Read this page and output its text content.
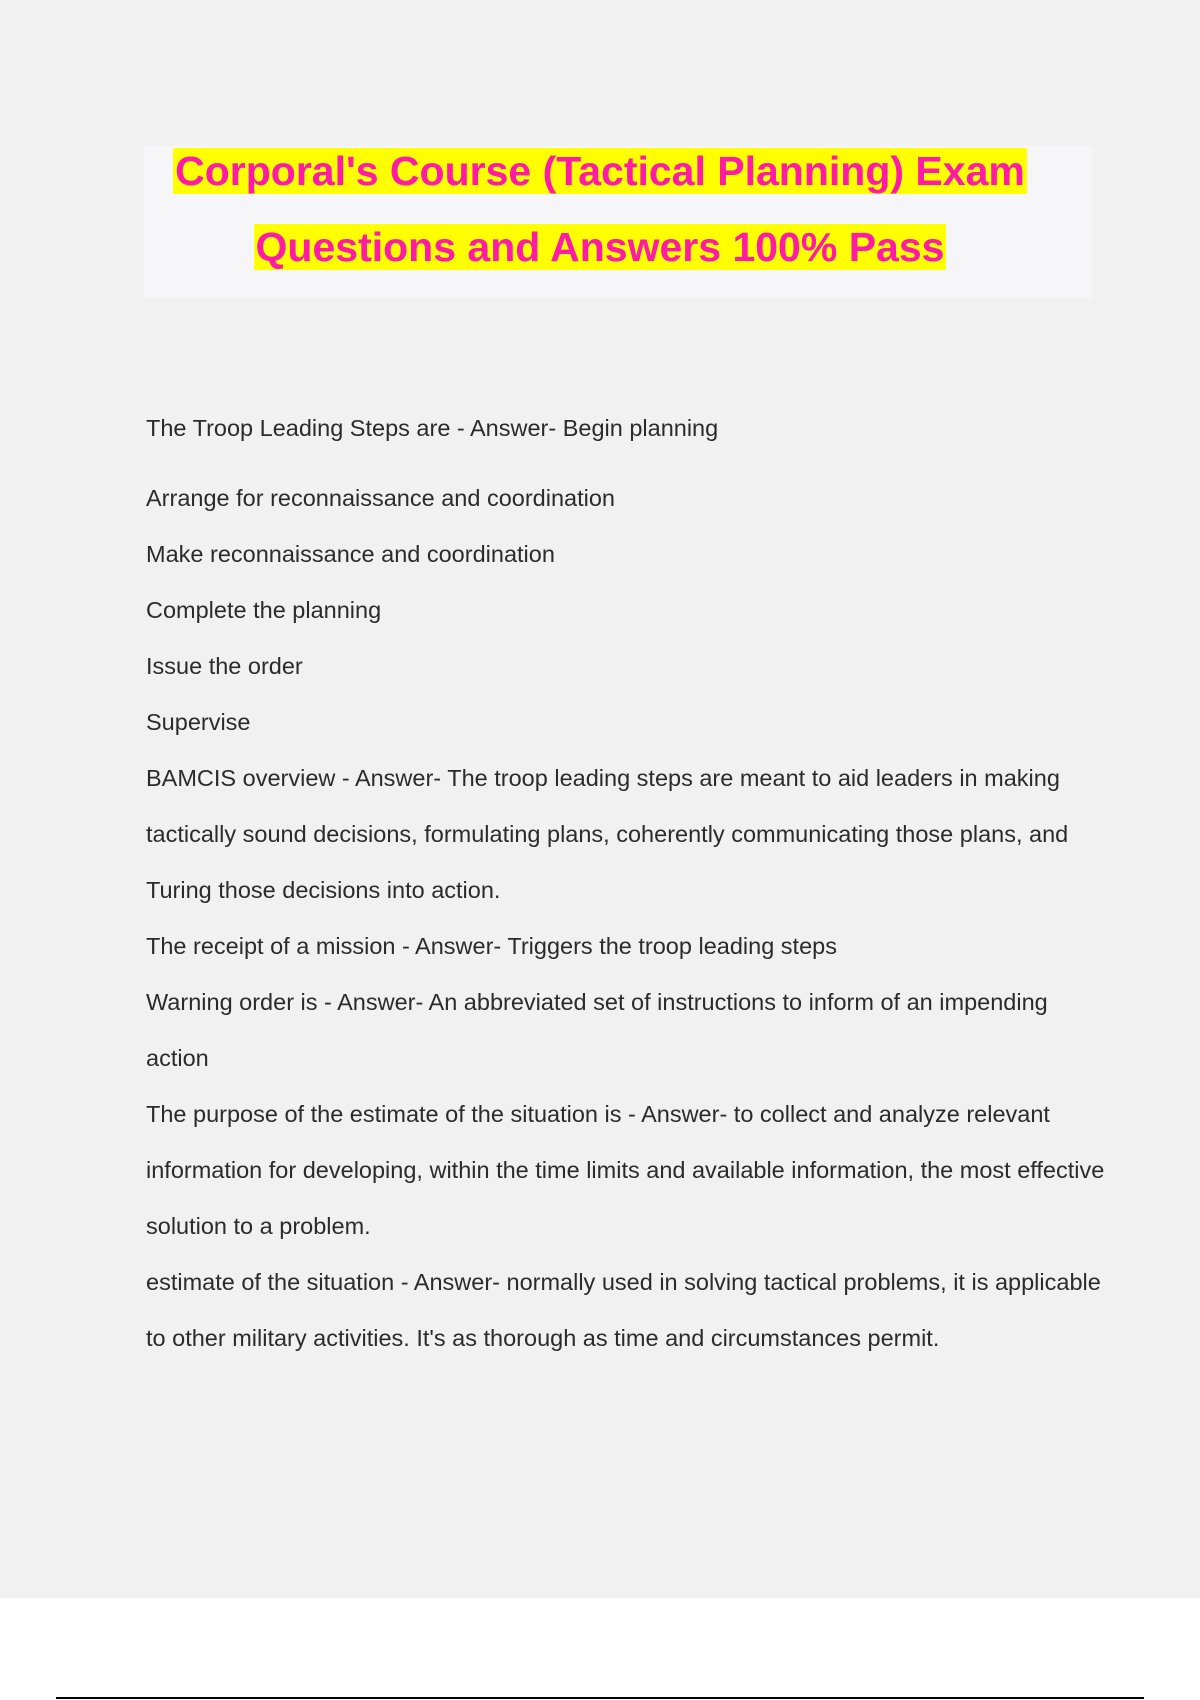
Corporal's Course (Tactical Planning) Exam
Questions and Answers 100% Pass

The Troop Leading Steps are - Answer- Begin planning

Arrange for reconnaissance and coordination

Make reconnaissance and coordination

Complete the planning

Issue the order

Supervise

BAMCIS overview - Answer- The troop leading steps are meant to aid leaders in making tactically sound decisions, formulating plans, coherently communicating those plans, and Turing those decisions into action.

The receipt of a mission - Answer- Triggers the troop leading steps

Warning order is - Answer- An abbreviated set of instructions to inform of an impending action

The purpose of the estimate of the situation is - Answer- to collect and analyze relevant information for developing, within the time limits and available information, the most effective solution to a problem.

estimate of the situation - Answer- normally used in solving tactical problems, it is applicable to other military activities. It's as thorough as time and circumstances permit.
